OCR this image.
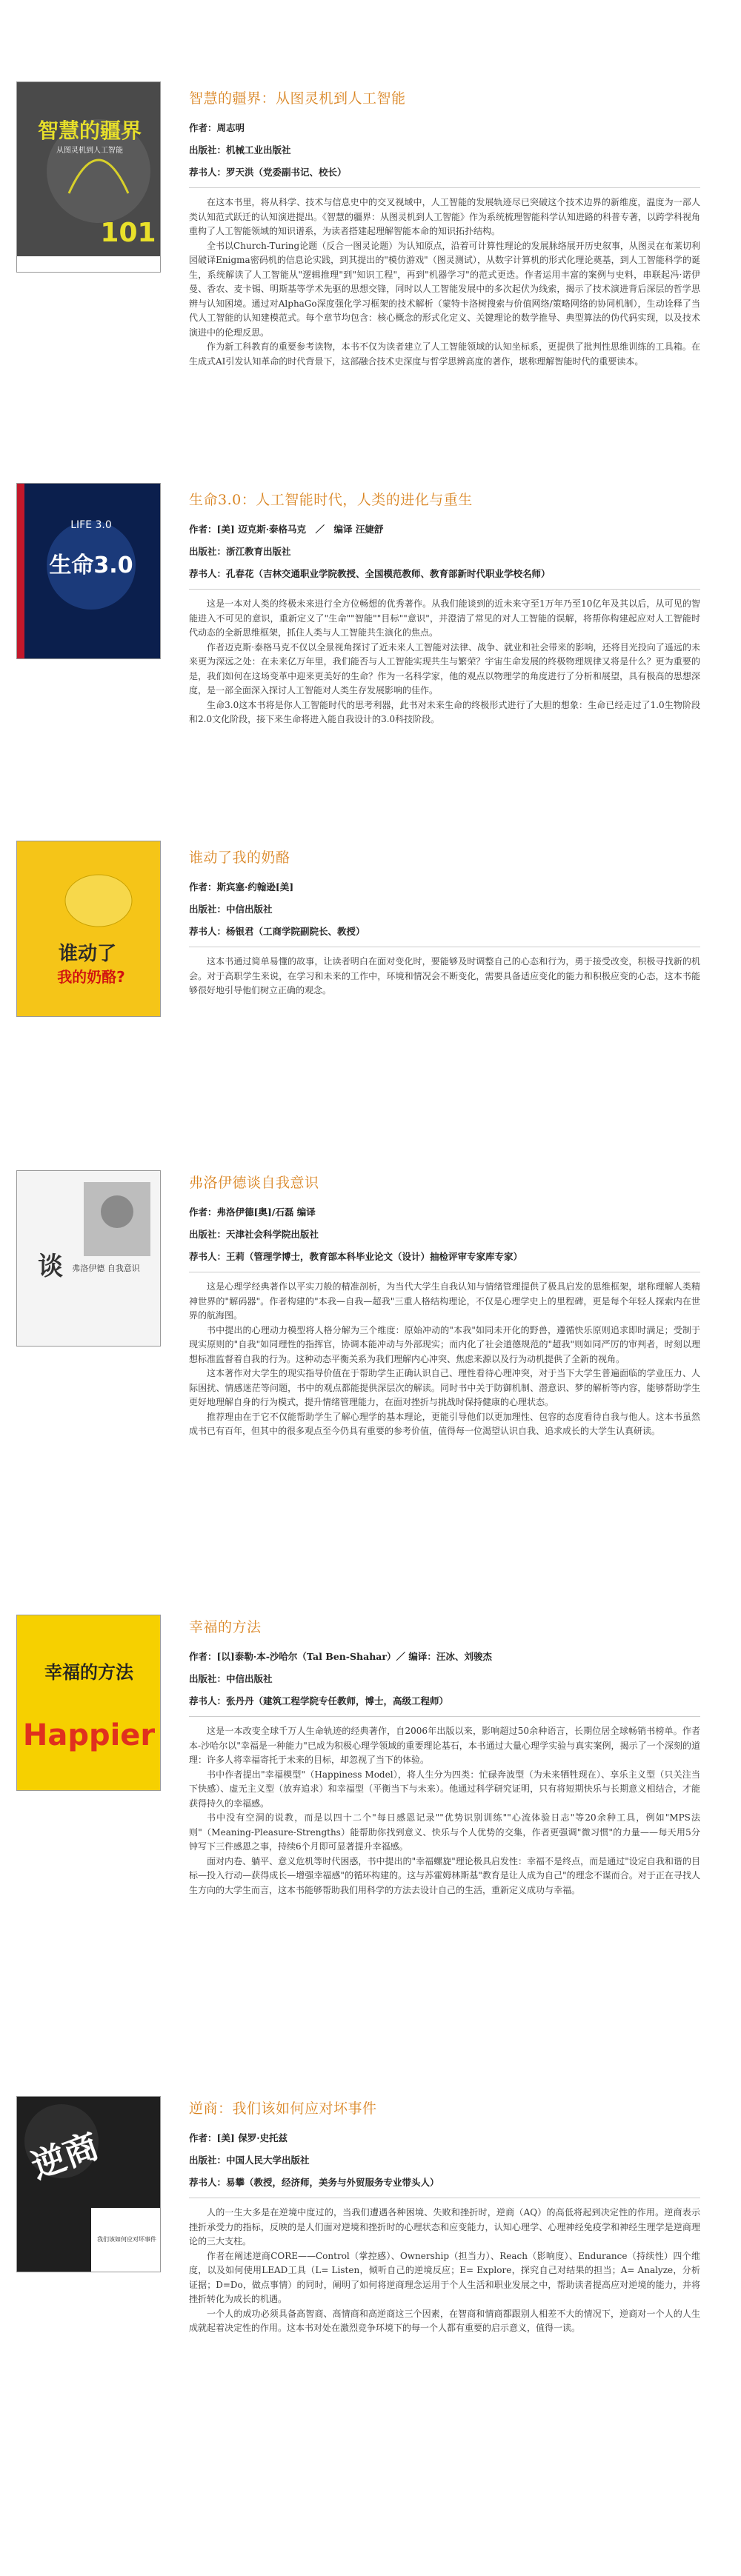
智慧的疆界
从图灵机到人工智能
101
智慧的疆界：从图灵机到人工智能
作者：周志明
出版社：机械工业出版社
荐书人：罗天洪（党委副书记、校长）

在这本书里，将从科学、技术与信息史中的交叉视域中，人工智能的发展轨迹尽已突破这个技术边界的新维度，温度为一部人类认知范式跃迁的认知演进提出。《智慧的疆界：从图灵机到人工智能》作为系统梳理智能科学认知进路的科普专著，以跨学科视角重构了人工智能领域的知识谱系，为读者搭建起理解智能本命的知识拓扑结构。

全书以Church-Turing论题（反合一图灵论题）为认知原点，沿着可计算性理论的发展脉络展开历史叙事，从图灵在布莱切利园破译Enigma密码机的信息论实践，到其提出的"模仿游戏"（图灵测试），从数字计算机的形式化理论奠基，到人工智能科学的诞生，系统解读了人工智能从"逻辑推理"到"知识工程"，再到"机器学习"的范式更迭。作者运用丰富的案例与史料，串联起冯·诺伊曼、香农、麦卡锡、明斯基等学术先驱的思想交锋，同时以人工智能发展中的多次起伏为线索，揭示了技术演进背后深层的哲学思辨与认知困境。通过对AlphaGo深度强化学习框架的技术解析（蒙特卡洛树搜索与价值网络/策略网络的协同机制），生动诠释了当代人工智能的认知建模范式。每个章节均包含：核心概念的形式化定义、关键理论的数学推导、典型算法的伪代码实现，以及技术演进中的伦理反思。

作为新工科教育的重要参考读物，本书不仅为读者建立了人工智能领域的认知坐标系，更提供了批判性思维训练的工具箱。在生成式AI引发认知革命的时代背景下，这部融合技术史深度与哲学思辨高度的著作，堪称理解智能时代的重要读本。

生命3.0
LIFE 3.0
生命3.0：人工智能时代，人类的进化与重生
作者：[美] 迈克斯·泰格马克　／　编译 汪婕舒
出版社：浙江教育出版社
荐书人：孔春花（吉林交通职业学院教授、全国模范教师、教育部新时代职业学校名师）

这是一本对人类的终极未来进行全方位畅想的优秀著作。从我们能谈到的近未来守至1万年乃至10亿年及其以后，从可见的智能进入不可见的意识，重新定义了"生命""智能""目标""意识"，并澄清了常见的对人工智能的误解，将帮你构建起应对人工智能时代动态的全新思维框架，抓住人类与人工智能共生演化的焦点。

作者迈克斯·泰格马克不仅以全景视角探讨了近未来人工智能对法律、战争、就业和社会带来的影响，还将目光投向了遥远的未来更为深远之处：在未来亿万年里，我们能否与人工智能实现共生与繁荣？宇宙生命发展的终极物理规律又将是什么？更为重要的是，我们如何在这场变革中迎来更美好的生命？作为一名科学家，他的观点以物理学的角度进行了分析和展望，具有极高的思想深度，是一部全面深入探讨人工智能对人类生存发展影响的佳作。

生命3.0这本书将是你人工智能时代的思考利器，此书对未来生命的终极形式进行了大胆的想象：生命已经走过了1.0生物阶段和2.0文化阶段，接下来生命将进入能自我设计的3.0科技阶段。

谁动了
我的奶酪?
谁动了我的奶酪
作者：斯宾塞·约翰逊[美]
出版社：中信出版社
荐书人：杨银君（工商学院副院长、教授）

这本书通过简单易懂的故事，让读者明白在面对变化时，要能够及时调整自己的心态和行为，勇于接受改变，积极寻找新的机会。对于高职学生来说，在学习和未来的工作中，环境和情况会不断变化，需要具备适应变化的能力和积极应变的心态，这本书能够很好地引导他们树立正确的观念。

谈 弗洛伊德 自我意识
弗洛伊德谈自我意识
作者：弗洛伊德[奥]/石磊 编译
出版社：天津社会科学院出版社
荐书人：王莉（管理学博士，教育部本科毕业论文（设计）抽检评审专家库专家）

这是心理学经典著作以平实刀般的精准剖析，为当代大学生自我认知与情绪管理提供了极具启发的思维框架，堪称理解人类精神世界的"解码器"。作者构建的"本我—自我—超我"三重人格结构理论，不仅是心理学史上的里程碑，更是每个年轻人探索内在世界的航海图。

书中提出的心理动力模型将人格分解为三个维度：原始冲动的"本我"如同未开化的野兽，遵循快乐原则追求即时满足；受制于现实原则的"自我"如同理性的指挥官，协调本能冲动与外部现实；而内化了社会道德规范的"超我"则如同严厉的审判者，时刻以理想标准监督着自我的行为。这种动态平衡关系为我们理解内心冲突、焦虑来源以及行为动机提供了全新的视角。

这本著作对大学生的现实指导价值在于帮助学生正确认识自己、理性看待心理冲突，对于当下大学生普遍面临的学业压力、人际困扰、情感迷茫等问题，书中的观点都能提供深层次的解读。同时书中关于防御机制、潜意识、梦的解析等内容，能够帮助学生更好地理解自身的行为模式，提升情绪管理能力，在面对挫折与挑战时保持健康的心理状态。

推荐理由在于它不仅能帮助学生了解心理学的基本理论，更能引导他们以更加理性、包容的态度看待自我与他人。这本书虽然成书已有百年，但其中的很多观点至今仍具有重要的参考价值，值得每一位渴望认识自我、追求成长的大学生认真研读。

幸福的方法
Happier
幸福的方法
作者：[以]泰勒·本-沙哈尔（Tal Ben-Shahar）／ 编译：汪冰、刘骏杰
出版社：中信出版社
荐书人：张丹丹（建筑工程学院专任教师，博士，高级工程师）

这是一本改变全球千万人生命轨迹的经典著作，自2006年出版以来，影响超过50余种语言，长期位居全球畅销书榜单。作者本-沙哈尔以"幸福是一种能力"已成为积极心理学领域的重要理论基石，本书通过大量心理学实验与真实案例，揭示了一个深刻的道理：许多人将幸福寄托于未来的目标，却忽视了当下的体验。

书中作者提出"幸福模型"（Happiness Model），将人生分为四类：忙碌奔波型（为未来牺牲现在）、享乐主义型（只关注当下快感）、虚无主义型（放弃追求）和幸福型（平衡当下与未来）。他通过科学研究证明，只有将短期快乐与长期意义相结合，才能获得持久的幸福感。

书中没有空洞的说教，而是以四十二个"每日感恩记录""优势识别训练""心流体验日志"等20余种工具，例如"MPS法则"（Meaning-Pleasure-Strengths）能帮助你找到意义、快乐与个人优势的交集，作者更强调"微习惯"的力量——每天用5分钟写下三件感恩之事，持续6个月即可显著提升幸福感。

面对内卷、躺平、意义危机等时代困惑，书中提出的"幸福螺旋"理论极具启发性：幸福不是终点，而是通过"设定自我和谐的目标—投入行动—获得成长—增强幸福感"的循环构建的。这与苏霍姆林斯基"教育是让人成为自己"的理念不谋而合。对于正在寻找人生方向的大学生而言，这本书能够帮助我们用科学的方法去设计自己的生活，重新定义成功与幸福。

逆商
我们该如何应对坏事件
逆商：我们该如何应对坏事件
作者：[美] 保罗·史托兹
出版社：中国人民大学出版社
荐书人：易攀（教授，经济师，美务与外贸服务专业带头人）

人的一生大多是在逆境中度过的，当我们遭遇各种困境、失败和挫折时，逆商（AQ）的高低将起到决定性的作用。逆商表示挫折承受力的指标，反映的是人们面对逆境和挫折时的心理状态和应变能力，认知心理学、心理神经免疫学和神经生理学是逆商理论的三大支柱。

作者在阐述逆商CORE——Control（掌控感）、Ownership（担当力）、Reach（影响度）、Endurance（持续性）四个维度，以及如何使用LEAD工具（L= Listen，倾听自己的逆境反应；E= Explore，探究自己对结果的担当；A= Analyze，分析证据；D=Do，做点事情）的同时，阐明了如何将逆商理念运用于个人生活和职业发展之中，帮助读者提高应对逆境的能力，并将挫折转化为成长的机遇。

一个人的成功必须具备高智商、高情商和高逆商这三个因素，在智商和情商都跟别人相差不大的情况下，逆商对一个人的人生成就起着决定性的作用。这本书对处在激烈竞争环境下的每一个人都有重要的启示意义，值得一读。
